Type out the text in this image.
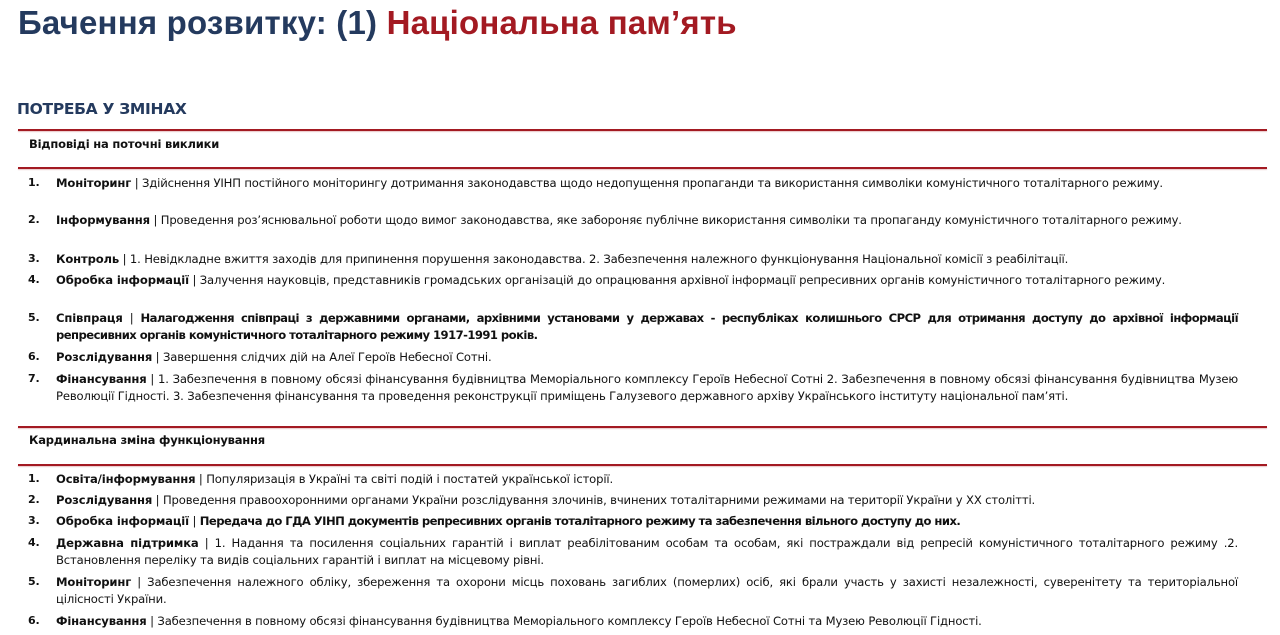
Бачення розвитку: (1) Національна пам’ять
ПОТРЕБА У ЗМІНАХ
Відповіді на поточні виклики
1.	Моніторинг | Здійснення УІНП постійного моніторингу дотримання законодавства щодо недопущення пропаганди та використання символіки комуністичного тоталітарного режиму.
2.	Інформування | Проведення роз’яснювальної роботи щодо вимог законодавства, яке забороняє публічне використання символіки та пропаганду комуністичного тоталітарного режиму.
3.	Контроль | 1. Невідкладне вжиття заходів для припинення порушення законодавства. 2. Забезпечення належного функціонування Національної комісії з реабілітації.
4.	Обробка інформації | Залучення науковців, представників громадських організацій до опрацювання архівної інформації репресивних органів комуністичного тоталітарного режиму.
5.	Співпраця | Налагодження співпраці з державними органами, архівними установами у державах - республіках колишнього СРСР для отримання доступу до архівної інформації репресивних органів комуністичного тоталітарного режиму 1917-1991 років.
6.	Розслідування | Завершення слідчих дій на Алеї Героїв Небесної Сотні.
7.	Фінансування | 1. Забезпечення в повному обсязі фінансування будівництва Меморіального комплексу Героїв Небесної Сотні 2. Забезпечення в повному обсязі фінансування будівництва Музею Революції Гідності. 3. Забезпечення фінансування та проведення реконструкції приміщень Галузевого державного архіву Українського інституту національної пам’яті.
Кардинальна зміна функціонування
1.	Освіта/інформування | Популяризація в Україні та світі подій і постатей української історії.
2.	Розслідування | Проведення правоохоронними органами України розслідування злочинів, вчинених тоталітарними режимами на території України у ХХ столітті.
3.	Обробка інформації | Передача до ГДА УІНП документів репресивних органів тоталітарного режиму та забезпечення вільного доступу до них.
4.	Державна підтримка | 1. Надання та посилення соціальних гарантій і виплат реабілітованим особам та особам, які постраждали від репресій комуністичного тоталітарного режиму .2. Встановлення переліку та видів соціальних гарантій і виплат на місцевому рівні.
5.	Моніторинг | Забезпечення належного обліку, збереження та охорони місць поховань загиблих (померлих) осіб, які брали участь у захисті незалежності, суверенітету та територіальної цілісності України.
6.	Фінансування | Забезпечення в повному обсязі фінансування будівництва Меморіального комплексу Героїв Небесної Сотні та Музею Революції Гідності.
